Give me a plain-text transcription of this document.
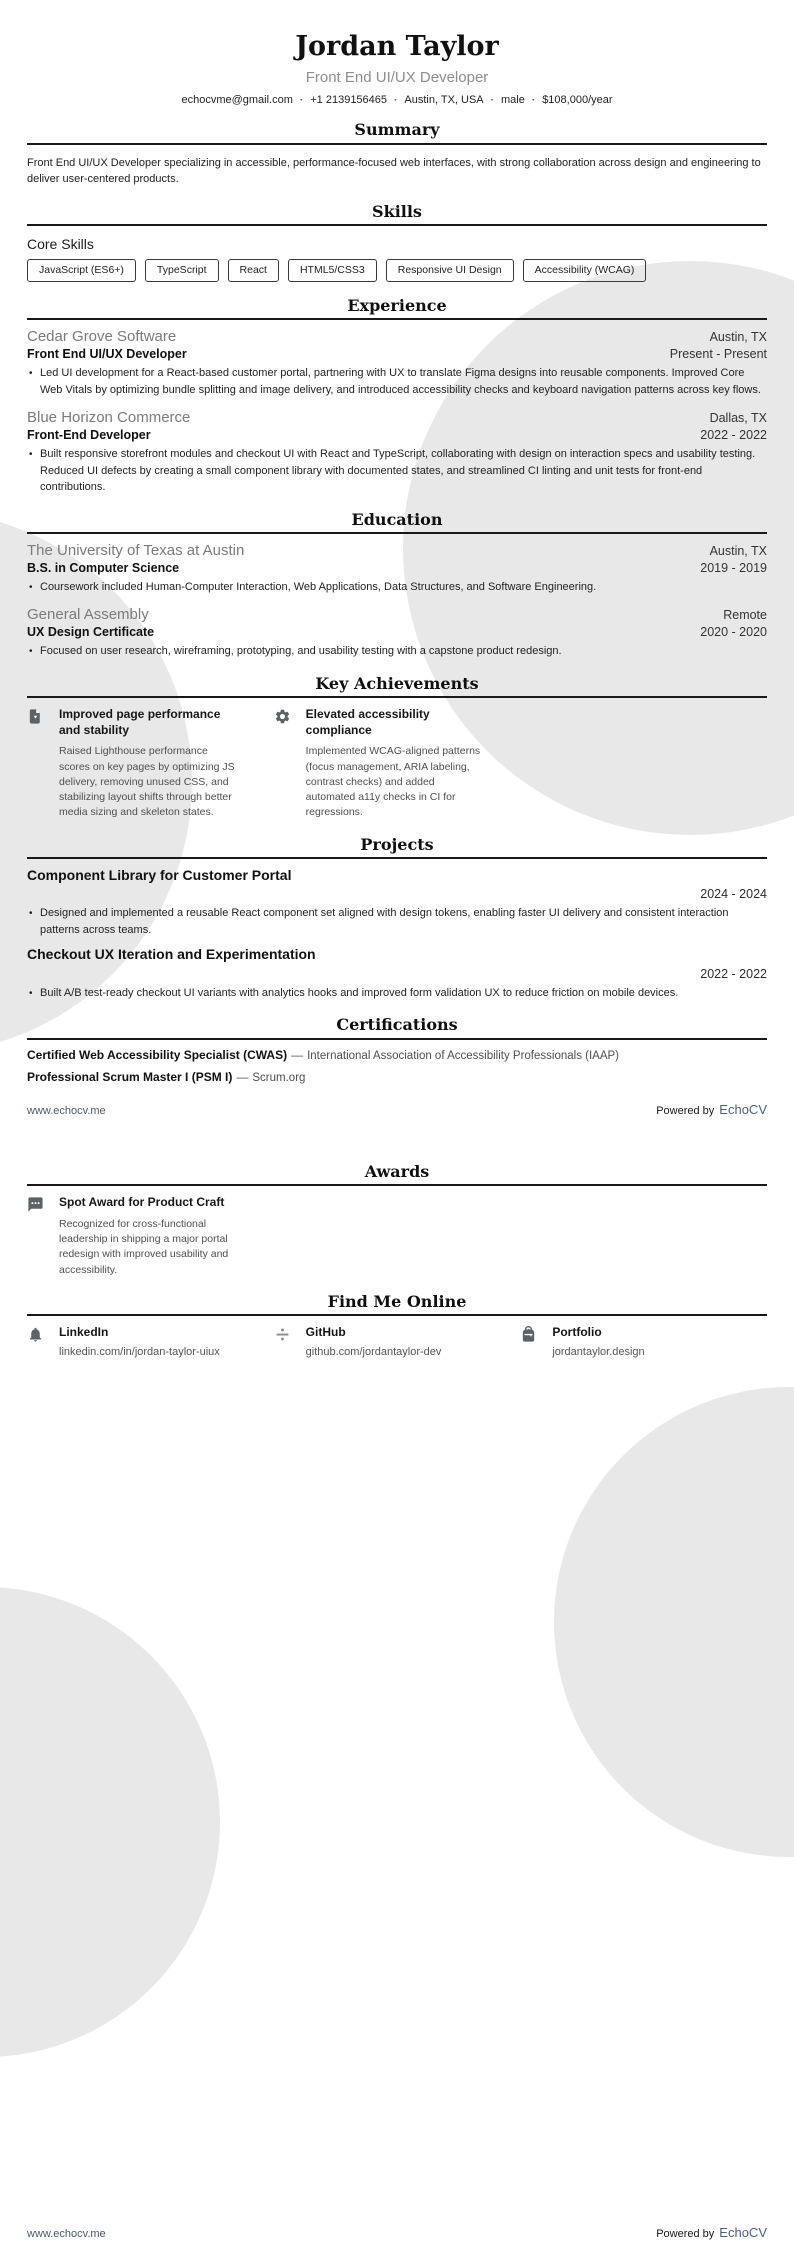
Jordan Taylor
Front End UI/UX Developer
echocvme@gmail.com · +1 2139156465 · Austin, TX, USA · male · $108,000/year
Summary
Front End UI/UX Developer specializing in accessible, performance-focused web interfaces, with strong collaboration across design and engineering to deliver user-centered products.
Skills
Core Skills
JavaScript (ES6+)	TypeScript	React	HTML5/CSS3	Responsive UI Design	Accessibility (WCAG)
Experience
Cedar Grove Software	Austin, TX
Front End UI/UX Developer	Present - Present
• Led UI development for a React-based customer portal, partnering with UX to translate Figma designs into reusable components. Improved Core Web Vitals by optimizing bundle splitting and image delivery, and introduced accessibility checks and keyboard navigation patterns across key flows.
Blue Horizon Commerce	Dallas, TX
Front-End Developer	2022 - 2022
• Built responsive storefront modules and checkout UI with React and TypeScript, collaborating with design on interaction specs and usability testing. Reduced UI defects by creating a small component library with documented states, and streamlined CI linting and unit tests for front-end contributions.
Education
The University of Texas at Austin	Austin, TX
B.S. in Computer Science	2019 - 2019
• Coursework included Human-Computer Interaction, Web Applications, Data Structures, and Software Engineering.
General Assembly	Remote
UX Design Certificate	2020 - 2020
• Focused on user research, wireframing, prototyping, and usability testing with a capstone product redesign.
Key Achievements
Improved page performance and stability
Raised Lighthouse performance scores on key pages by optimizing JS delivery, removing unused CSS, and stabilizing layout shifts through better media sizing and skeleton states.
Elevated accessibility compliance
Implemented WCAG-aligned patterns (focus management, ARIA labeling, contrast checks) and added automated a11y checks in CI for regressions.
Projects
Component Library for Customer Portal
2024 - 2024
• Designed and implemented a reusable React component set aligned with design tokens, enabling faster UI delivery and consistent interaction patterns across teams.
Checkout UX Iteration and Experimentation
2022 - 2022
• Built A/B test-ready checkout UI variants with analytics hooks and improved form validation UX to reduce friction on mobile devices.
Certifications
Certified Web Accessibility Specialist (CWAS) — International Association of Accessibility Professionals (IAAP)
Professional Scrum Master I (PSM I) — Scrum.org
www.echocv.me	Powered by EchoCV
Awards
Spot Award for Product Craft
Recognized for cross-functional leadership in shipping a major portal redesign with improved usability and accessibility.
Find Me Online
LinkedIn
linkedin.com/in/jordan-taylor-uiux
GitHub
github.com/jordantaylor-dev
Portfolio
jordantaylor.design
www.echocv.me	Powered by EchoCV
